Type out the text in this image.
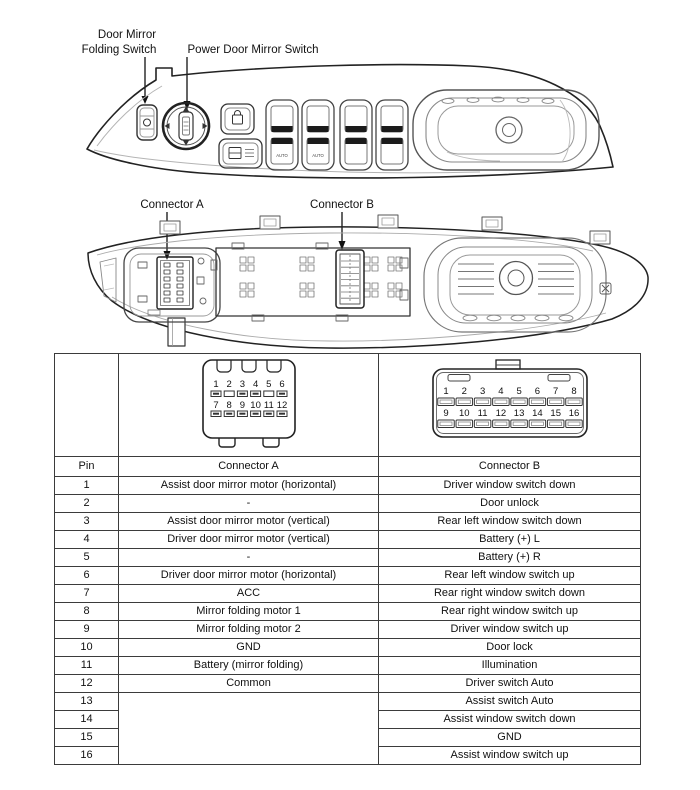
Door Mirror
Folding Switch	Power Door Mirror Switch
AUTO	AUTO
Connector A	Connector B

1 2 3 4 5 6
7 8 9 10 11 12

1 2 3 4 5 6 7 8
9 10 11 12 13 14 15 16

Pin	Connector A	Connector B
1	Assist door mirror motor (horizontal)	Driver window switch down
2	-	Door unlock
3	Assist door mirror motor (vertical)	Rear left window switch down
4	Driver door mirror motor (vertical)	Battery (+) L
5	-	Battery (+) R
6	Driver door mirror motor (horizontal)	Rear left window switch up
7	ACC	Rear right window switch down
8	Mirror folding motor 1	Rear right window switch up
9	Mirror folding motor 2	Driver window switch up
10	GND	Door lock
11	Battery (mirror folding)	Illumination
12	Common	Driver switch Auto
13		Assist switch Auto
14		Assist window switch down
15		GND
16		Assist window switch up
